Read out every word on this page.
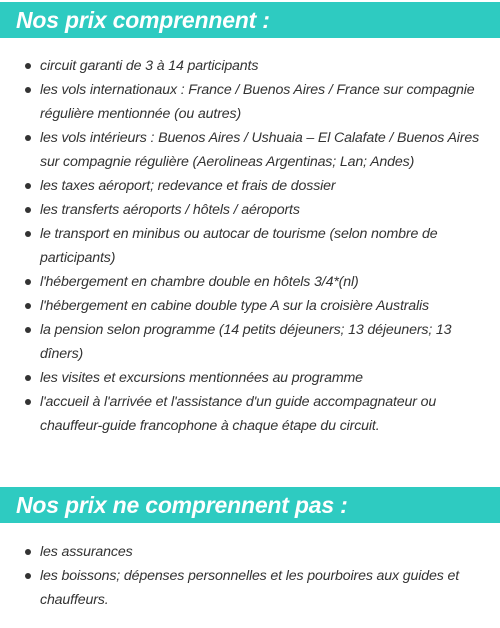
Nos prix comprennent :
circuit garanti de 3 à 14 participants
les vols internationaux : France / Buenos Aires / France sur compagnie régulière mentionnée (ou autres)
les vols intérieurs : Buenos Aires / Ushuaia – El Calafate / Buenos Aires sur compagnie régulière (Aerolineas Argentinas; Lan; Andes)
les taxes aéroport; redevance et frais de dossier
les transferts aéroports / hôtels / aéroports
le transport en minibus ou autocar de tourisme (selon nombre de participants)
l'hébergement en chambre double en hôtels 3/4*(nl)
l'hébergement en cabine double type A sur la croisière Australis
la pension selon programme (14 petits déjeuners; 13 déjeuners; 13 dîners)
les visites et excursions mentionnées au programme
l'accueil à l'arrivée et l'assistance d'un guide accompagnateur ou chauffeur-guide francophone à chaque étape du circuit.
Nos prix ne comprennent pas :
les assurances
les boissons; dépenses personnelles et les pourboires aux guides et chauffeurs.
